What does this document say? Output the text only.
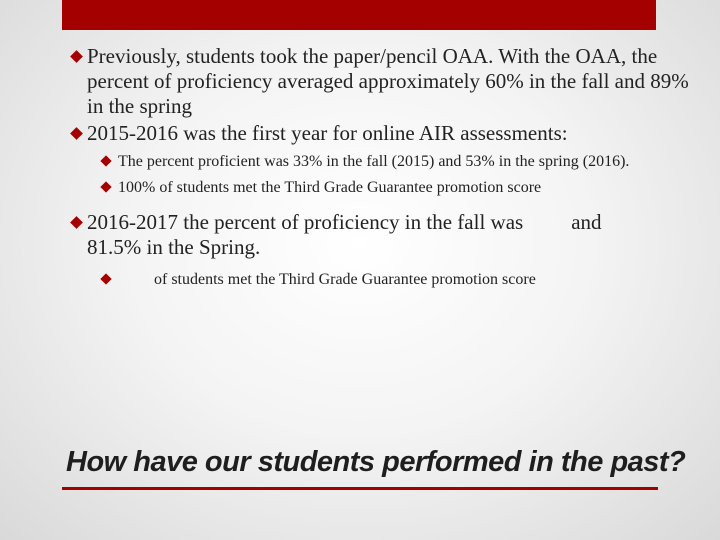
Previously, students took the paper/pencil OAA. With the OAA, the percent of proficiency averaged approximately 60% in the fall and 89% in the spring
2015-2016 was the first year for online AIR assessments:
The percent proficient was 33% in the fall (2015) and 53% in the spring (2016).
100% of students met the Third Grade Guarantee promotion score
2016-2017 the percent of proficiency in the fall was and
81.5% in the Spring.
of students met the Third Grade Guarantee promotion score
How have our students performed in the past?
